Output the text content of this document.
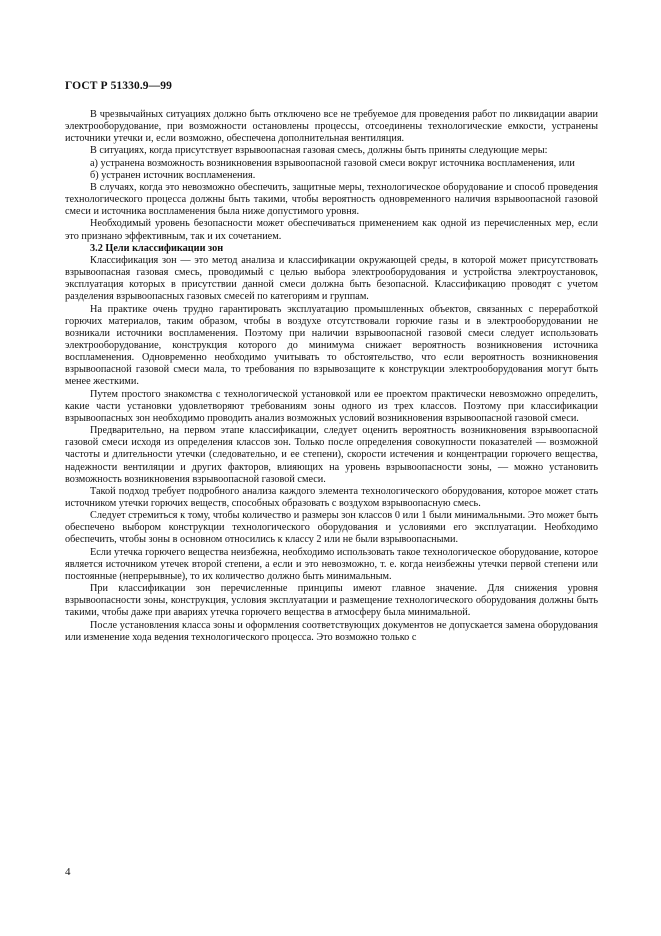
ГОСТ Р 51330.9—99

В чрезвычайных ситуациях должно быть отключено все не требуемое для проведения работ по ликвидации аварии электрооборудование, при возможности остановлены процессы, отсоединены технологические емкости, устранены источники утечки и, если возможно, обеспечена дополнительная вентиляция.

В ситуациях, когда присутствует взрывоопасная газовая смесь, должны быть приняты следующие меры:

а) устранена возможность возникновения взрывоопасной газовой смеси вокруг источника воспламенения, или

б) устранен источник воспламенения.

В случаях, когда это невозможно обеспечить, защитные меры, технологическое оборудование и способ проведения технологического процесса должны быть такими, чтобы вероятность одновременного наличия взрывоопасной газовой смеси и источника воспламенения была ниже допустимого уровня.

Необходимый уровень безопасности может обеспечиваться применением как одной из перечисленных мер, если это признано эффективным, так и их сочетанием.

3.2 Цели классификации зон

Классификация зон — это метод анализа и классификации окружающей среды, в которой может присутствовать взрывоопасная газовая смесь, проводимый с целью выбора электрооборудования и устройства электроустановок, эксплуатация которых в присутствии данной смеси должна быть безопасной. Классификацию проводят с учетом разделения взрывоопасных газовых смесей по категориям и группам.

На практике очень трудно гарантировать эксплуатацию промышленных объектов, связанных с переработкой горючих материалов, таким образом, чтобы в воздухе отсутствовали горючие газы и в электрооборудовании не возникали источники воспламенения. Поэтому при наличии взрывоопасной газовой смеси следует использовать электрооборудование, конструкция которого до минимума снижает вероятность возникновения источника воспламенения. Одновременно необходимо учитывать то обстоятельство, что если вероятность возникновения взрывоопасной газовой смеси мала, то требования по взрывозащите к конструкции электрооборудования могут быть менее жесткими.

Путем простого знакомства с технологической установкой или ее проектом практически невозможно определить, какие части установки удовлетворяют требованиям зоны одного из трех классов. Поэтому при классификации взрывоопасных зон необходимо проводить анализ возможных условий возникновения взрывоопасной газовой смеси.

Предварительно, на первом этапе классификации, следует оценить вероятность возникновения взрывоопасной газовой смеси исходя из определения классов зон. Только после определения совокупности показателей — возможной частоты и длительности утечки (следовательно, и ее степени), скорости истечения и концентрации горючего вещества, надежности вентиляции и других факторов, влияющих на уровень взрывоопасности зоны, — можно установить возможность возникновения взрывоопасной газовой смеси.

Такой подход требует подробного анализа каждого элемента технологического оборудования, которое может стать источником утечки горючих веществ, способных образовать с воздухом взрывоопасную смесь.

Следует стремиться к тому, чтобы количество и размеры зон классов 0 или 1 были минимальными. Это может быть обеспечено выбором конструкции технологического оборудования и условиями его эксплуатации. Необходимо обеспечить, чтобы зоны в основном относились к классу 2 или не были взрывоопасными.

Если утечка горючего вещества неизбежна, необходимо использовать такое технологическое оборудование, которое является источником утечек второй степени, а если и это невозможно, т. е. когда неизбежны утечки первой степени или постоянные (непрерывные), то их количество должно быть минимальным.

При классификации зон перечисленные принципы имеют главное значение. Для снижения уровня взрывоопасности зоны, конструкция, условия эксплуатации и размещение технологического оборудования должны быть такими, чтобы даже при авариях утечка горючего вещества в атмосферу была минимальной.

После установления класса зоны и оформления соответствующих документов не допускается замена оборудования или изменение хода ведения технологического процесса. Это возможно только с

4
